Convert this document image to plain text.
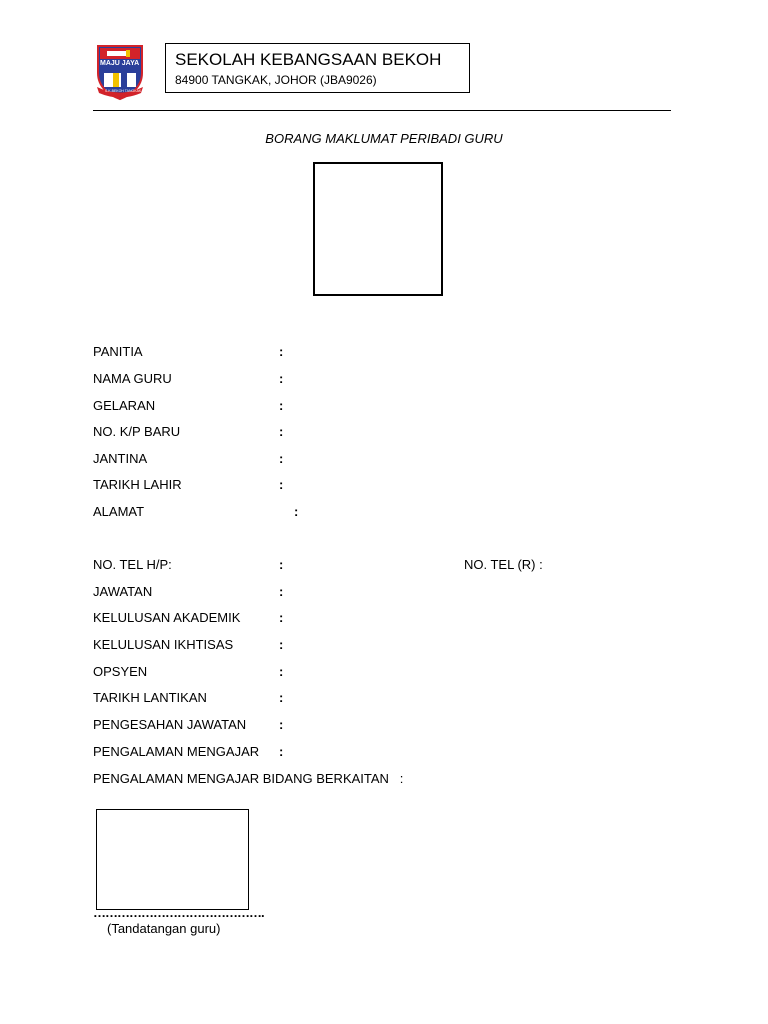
MAJU JAYA
S.K.BEKOH TANGKAK
SEKOLAH KEBANGSAAN BEKOH
84900 TANGKAK, JOHOR (JBA9026)
BORANG MAKLUMAT PERIBADI GURU
PANITIA	:
NAMA GURU	:
GELARAN	:
NO. K/P BARU	:
JANTINA	:
TARIKH LAHIR	:
ALAMAT	:
NO. TEL H/P:	:	NO. TEL (R) :
JAWATAN	:
KELULUSAN AKADEMIK	:
KELULUSAN IKHTISAS	:
OPSYEN	:
TARIKH LANTIKAN	:
PENGESAHAN JAWATAN	:
PENGALAMAN MENGAJAR :
PENGALAMAN MENGAJAR BIDANG BERKAITAN   :
…………………………………….
(Tandatangan guru)
